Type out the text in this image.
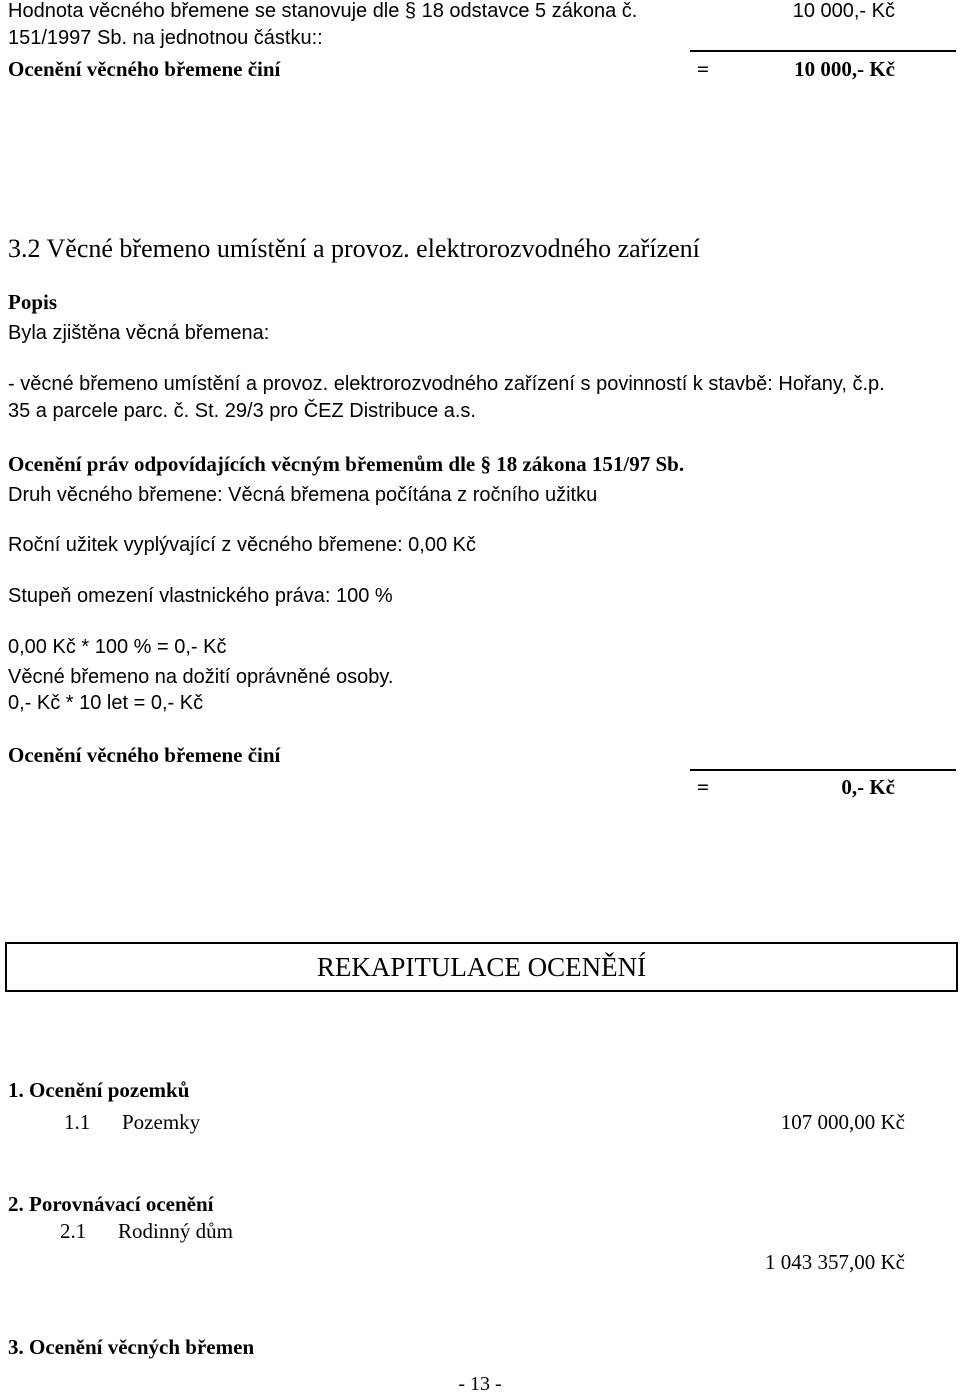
Hodnota věcného břemene se stanovuje dle § 18 odstavce 5 zákona č.	10 000,- Kč
151/1997 Sb. na jednotnou částku::
Ocenění věcného břemene činí	=	10 000,- Kč
3.2 Věcné břemeno umístění a provoz. elektrorozvodného zařízení
Popis
Byla zjištěna věcná břemena:
- věcné břemeno umístění a provoz. elektrorozvodného zařízení s povinností k stavbě: Hořany, č.p.
35 a parcele parc. č. St. 29/3 pro ČEZ Distribuce a.s.
Ocenění práv odpovídajících věcným břemenům dle § 18 zákona 151/97 Sb.
Druh věcného břemene: Věcná břemena počítána z ročního užitku
Roční užitek vyplývající z věcného břemene: 0,00 Kč
Stupeň omezení vlastnického práva: 100 %
0,00 Kč * 100 % = 0,- Kč
Věcné břemeno na dožití oprávněné osoby.
0,- Kč * 10 let = 0,- Kč
Ocenění věcného břemene činí
=	0,- Kč
REKAPITULACE OCENĚNÍ
1. Ocenění pozemků
1.1 Pozemky	107 000,00 Kč
2. Porovnávací ocenění
2.1 Rodinný dům
1 043 357,00 Kč
3. Ocenění věcných břemen
- 13 -
